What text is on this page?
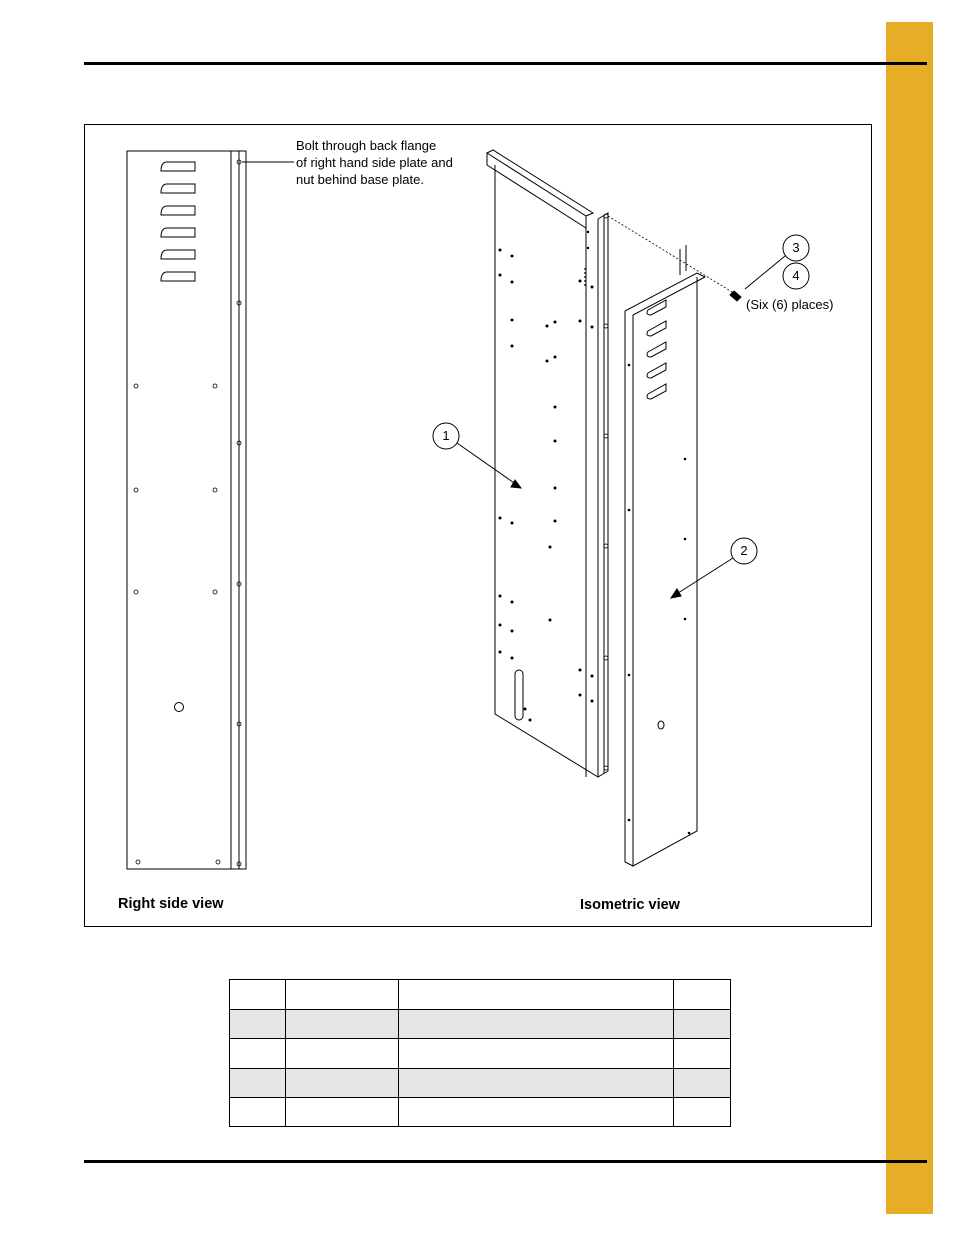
Bolt through back flange
of right hand side plate and
nut behind base plate.
(Six (6) places)
1
2
3
4
Right side view	Isometric view
